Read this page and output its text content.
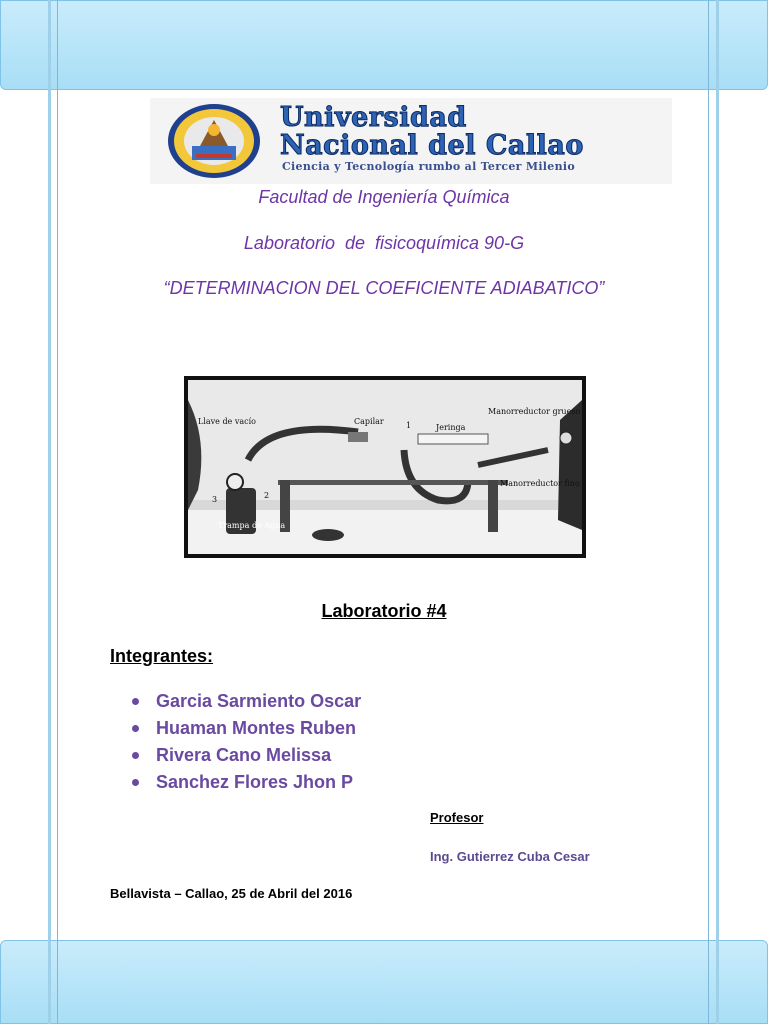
Universidad
Nacional del Callao
Ciencia y Tecnología rumbo al Tercer Milenio
Facultad de Ingeniería Química
Laboratorio  de  fisicoquímica 90-G
“DETERMINACION DEL COEFICIENTE ADIABATICO”
Llave de vacío	Capilar	1	Jeringa
Manorreductor grueso
Manorreductor fino
3	2
Trampa de Agua
Laboratorio #4
Integrantes:
Garcia Sarmiento Oscar
Huaman Montes Ruben
Rivera Cano Melissa
Sanchez Flores Jhon P
Profesor
Ing. Gutierrez Cuba Cesar
Bellavista – Callao, 25 de Abril del 2016
